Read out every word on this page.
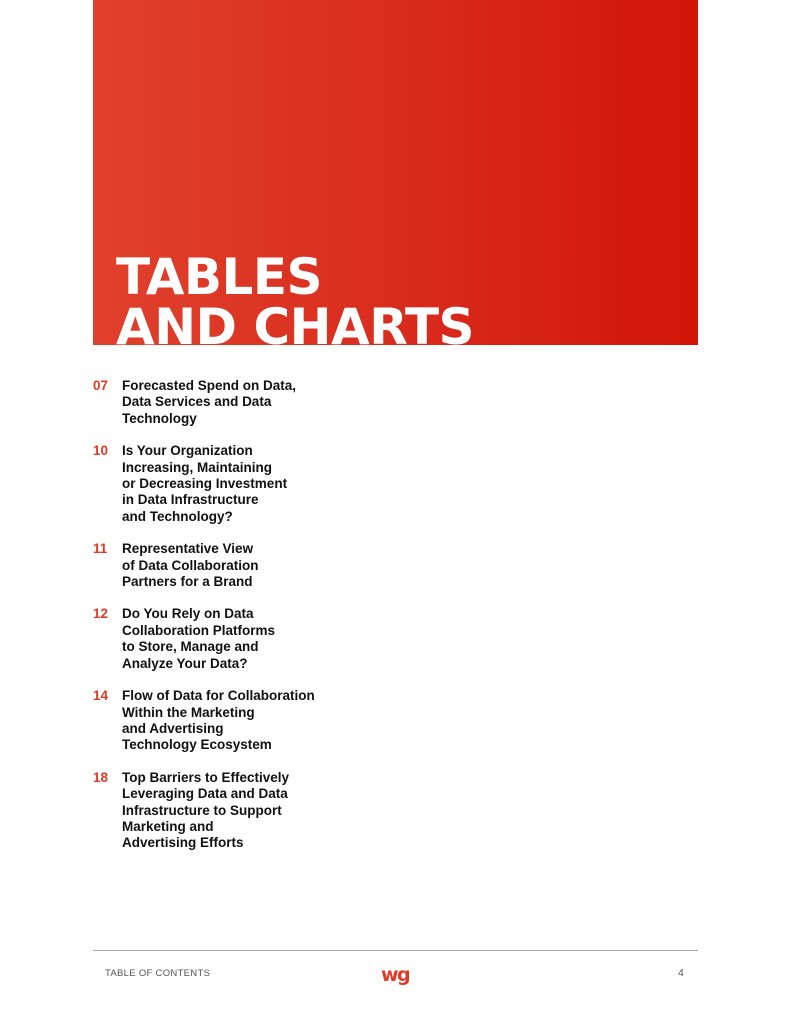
TABLES
AND CHARTS
07	Forecasted Spend on Data,
Data Services and Data
Technology

10	Is Your Organization
Increasing, Maintaining
or Decreasing Investment
in Data Infrastructure
and Technology?

11	Representative View
of Data Collaboration
Partners for a Brand

12	Do You Rely on Data
Collaboration Platforms
to Store, Manage and
Analyze Your Data?

14	Flow of Data for Collaboration
Within the Marketing
and Advertising
Technology Ecosystem

18	Top Barriers to Effectively
Leveraging Data and Data
Infrastructure to Support
Marketing and
Advertising Efforts

TABLE OF CONTENTS	wg	4
